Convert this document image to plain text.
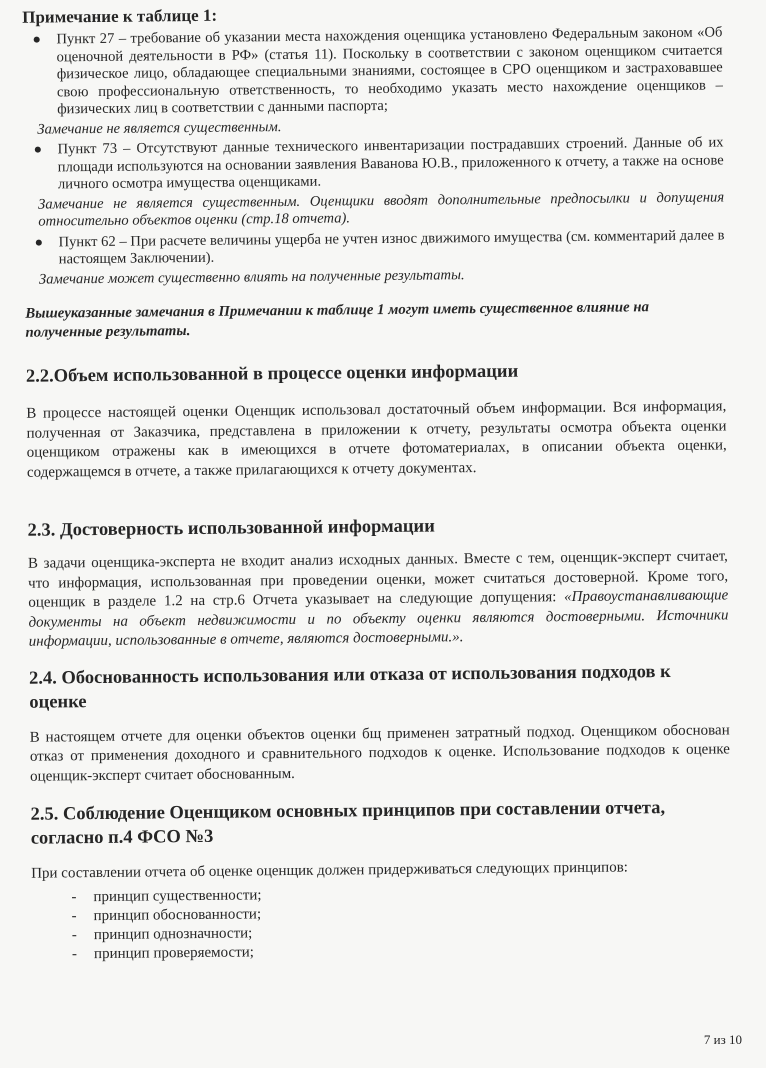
Примечание к таблице 1:
● Пункт 27 – требование об указании места нахождения оценщика установлено Федеральным законом «Об оценочной деятельности в РФ» (статья 11). Поскольку в соответствии с законом оценщиком считается физическое лицо, обладающее специальными знаниями, состоящее в СРО оценщиком и застраховавшее свою профессиональную ответственность, то необходимо указать место нахождение оценщиков – физических лиц в соответствии с данными паспорта;
Замечание не является существенным.
● Пункт 73 – Отсутствуют данные технического инвентаризации пострадавших строений. Данные об их площади используются на основании заявления Ваванова Ю.В., приложенного к отчету, а также на основе личного осмотра имущества оценщиками.
Замечание не является существенным. Оценщики вводят дополнительные предпосылки и допущения относительно объектов оценки (стр.18 отчета).
● Пункт 62 – При расчете величины ущерба не учтен износ движимого имущества (см. комментарий далее в настоящем Заключении).
Замечание может существенно влиять на полученные результаты.
Вышеуказанные замечания в Примечании к таблице 1 могут иметь существенное влияние на полученные результаты.
2.2.Объем использованной в процессе оценки информации

В процессе настоящей оценки Оценщик использовал достаточный объем информации. Вся информация, полученная от Заказчика, представлена в приложении к отчету, результаты осмотра объекта оценки оценщиком отражены как в имеющихся в отчете фотоматериалах, в описании объекта оценки, содержащемся в отчете, а также прилагающихся к отчету документах.

2.3. Достоверность использованной информации

В задачи оценщика-эксперта не входит анализ исходных данных. Вместе с тем, оценщик-эксперт считает, что информация, использованная при проведении оценки, может считаться достоверной. Кроме того, оценщик в разделе 1.2 на стр.6 Отчета указывает на следующие допущения: «Правоустанавливающие документы на объект недвижимости и по объекту оценки являются достоверными. Источники информации, использованные в отчете, являются достоверными.».

2.4. Обоснованность использования или отказа от использования подходов к оценке

В настоящем отчете для оценки объектов оценки бщ применен затратный подход. Оценщиком обоснован отказ от применения доходного и сравнительного подходов к оценке. Использование подходов к оценке оценщик-эксперт считает обоснованным.

2.5. Соблюдение Оценщиком основных принципов при составлении отчета, согласно п.4 ФСО №3

При составлении отчета об оценке оценщик должен придерживаться следующих принципов:

- принцип существенности;
- принцип обоснованности;
- принцип однозначности;
- принцип проверяемости;
7 из 10
